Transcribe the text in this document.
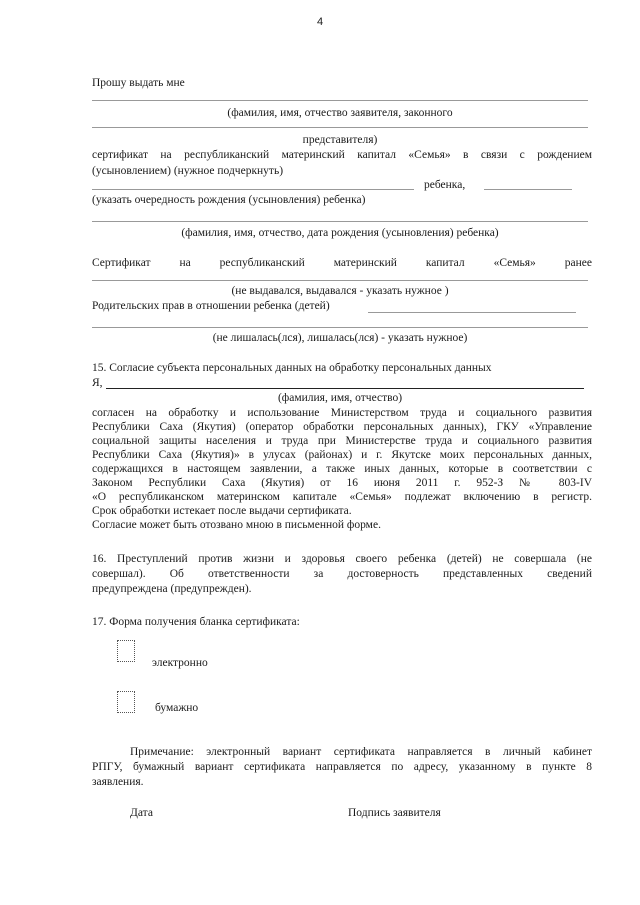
4
Прошу выдать мне
(фамилия, имя, отчество заявителя, законного
представителя)
сертификат на республиканский материнский капитал «Семья» в связи с рождением
(усыновлением) (нужное подчеркнуть)
ребенка,
(указать очередность рождения (усыновления) ребенка)
(фамилия, имя, отчество, дата рождения (усыновления) ребенка)
Сертификат	на	республиканский	материнский	капитал	«Семья»	ранее
(не выдавался, выдавался - указать нужное )
Родительских прав в отношении ребенка (детей)
(не лишалась(лся), лишалась(лся) - указать нужное)
15. Согласие субъекта персональных данных на обработку персональных данных
Я,
(фамилия, имя, отчество)
согласен на обработку и использование Министерством труда и социального развития
Республики Саха (Якутия) (оператор обработки персональных данных), ГКУ «Управление
социальной защиты населения и труда при Министерстве труда и социального развития
Республики Саха (Якутия)» в улусах (районах) и г. Якутске моих персональных данных,
содержащихся в настоящем заявлении, а также иных данных, которые в соответствии с
Законом Республики Саха (Якутия) от 16 июня 2011 г. 952-З № 803-IV
«О республиканском материнском капитале «Семья» подлежат включению в регистр.
Срок обработки истекает после выдачи сертификата.
Согласие может быть отозвано мною в письменной форме.
16. Преступлений против жизни и здоровья своего ребенка (детей) не совершала (не
совершал). Об ответственности за достоверность представленных сведений
предупреждена (предупрежден).
17. Форма получения бланка сертификата:
электронно
бумажно
Примечание: электронный вариант сертификата направляется в личный кабинет
РПГУ, бумажный вариант сертификата направляется по адресу, указанному в пункте 8
заявления.
Дата	Подпись заявителя
